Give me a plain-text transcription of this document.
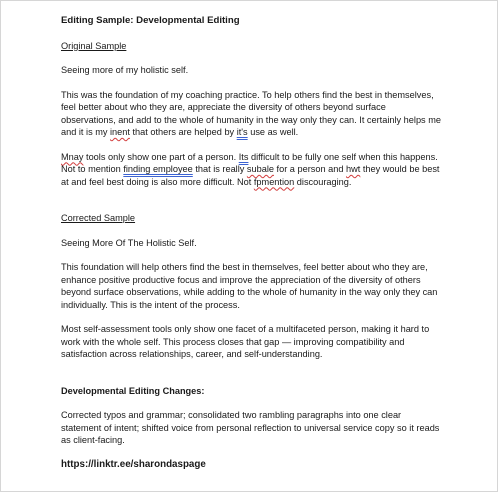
Editing Sample: Developmental Editing
Original Sample

Seeing more of my holistic self.

This was the foundation of my coaching practice. To help others find the best in themselves, feel better about who they are, appreciate the diversity of others beyond surface observations, and add to the whole of humanity in the way only they can. It certainly helps me and it is my inent that others are helped by it's use as well.

Mnay tools only show one part of a person. Its difficult to be fully one self when this happens. Not to mention finding employee that is really subale for a person and hwt they would be best at and feel best doing is also more difficult. Not fpmention discouraging.

Corrected Sample

Seeing More Of The Holistic Self.

This foundation will help others find the best in themselves, feel better about who they are, enhance positive productive focus and improve the appreciation of the diversity of others beyond surface observations, while adding to the whole of humanity in the way only they can individually. This is the intent of the process.

Most self-assessment tools only show one facet of a multifaceted person, making it hard to work with the whole self. This process closes that gap — improving compatibility and satisfaction across relationships, career, and self-understanding.

Developmental Editing Changes:

Corrected typos and grammar; consolidated two rambling paragraphs into one clear statement of intent; shifted voice from personal reflection to universal service copy so it reads as client-facing.

https://linktr.ee/sharondaspage
